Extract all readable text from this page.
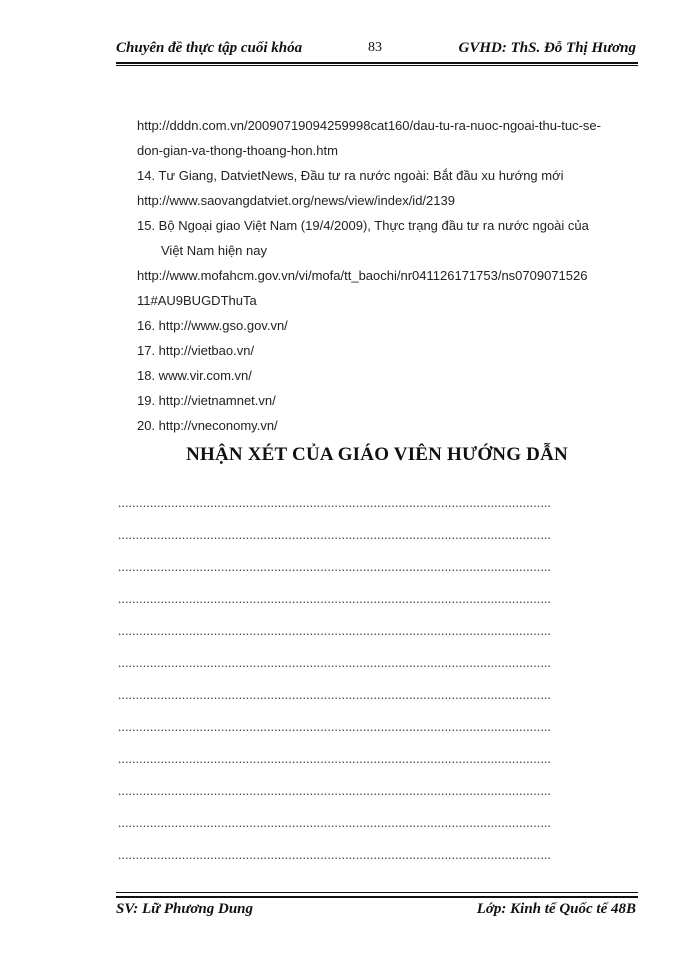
Chuyên đề thực tập cuối khóa	83	GVHD: ThS. Đỗ Thị Hương
http://dddn.com.vn/20090719094259998cat160/dau-tu-ra-nuoc-ngoai-thu-tuc-se-
don-gian-va-thong-thoang-hon.htm
14. Tư Giang, DatvietNews, Đầu tư ra nước ngoài: Bắt đầu xu hướng mới
http://www.saovangdatviet.org/news/view/index/id/2139
15. Bộ Ngoại giao Việt Nam (19/4/2009), Thực trạng đầu tư ra nước ngoài của
Việt Nam hiện nay
http://www.mofahcm.gov.vn/vi/mofa/tt_baochi/nr041126171753/ns0709071526
11#AU9BUGDThuTa
16. http://www.gso.gov.vn/
17. http://vietbao.vn/
18. www.vir.com.vn/
19. http://vietnamnet.vn/
20. http://vneconomy.vn/
NHẬN XÉT CỦA GIÁO VIÊN HƯỚNG DẪN
..........................................................................................................................
..........................................................................................................................
..........................................................................................................................
..........................................................................................................................
..........................................................................................................................
..........................................................................................................................
..........................................................................................................................
..........................................................................................................................
..........................................................................................................................
..........................................................................................................................
..........................................................................................................................
..........................................................................................................................
SV: Lữ Phương Dung	Lớp: Kinh tế Quốc tế 48B
